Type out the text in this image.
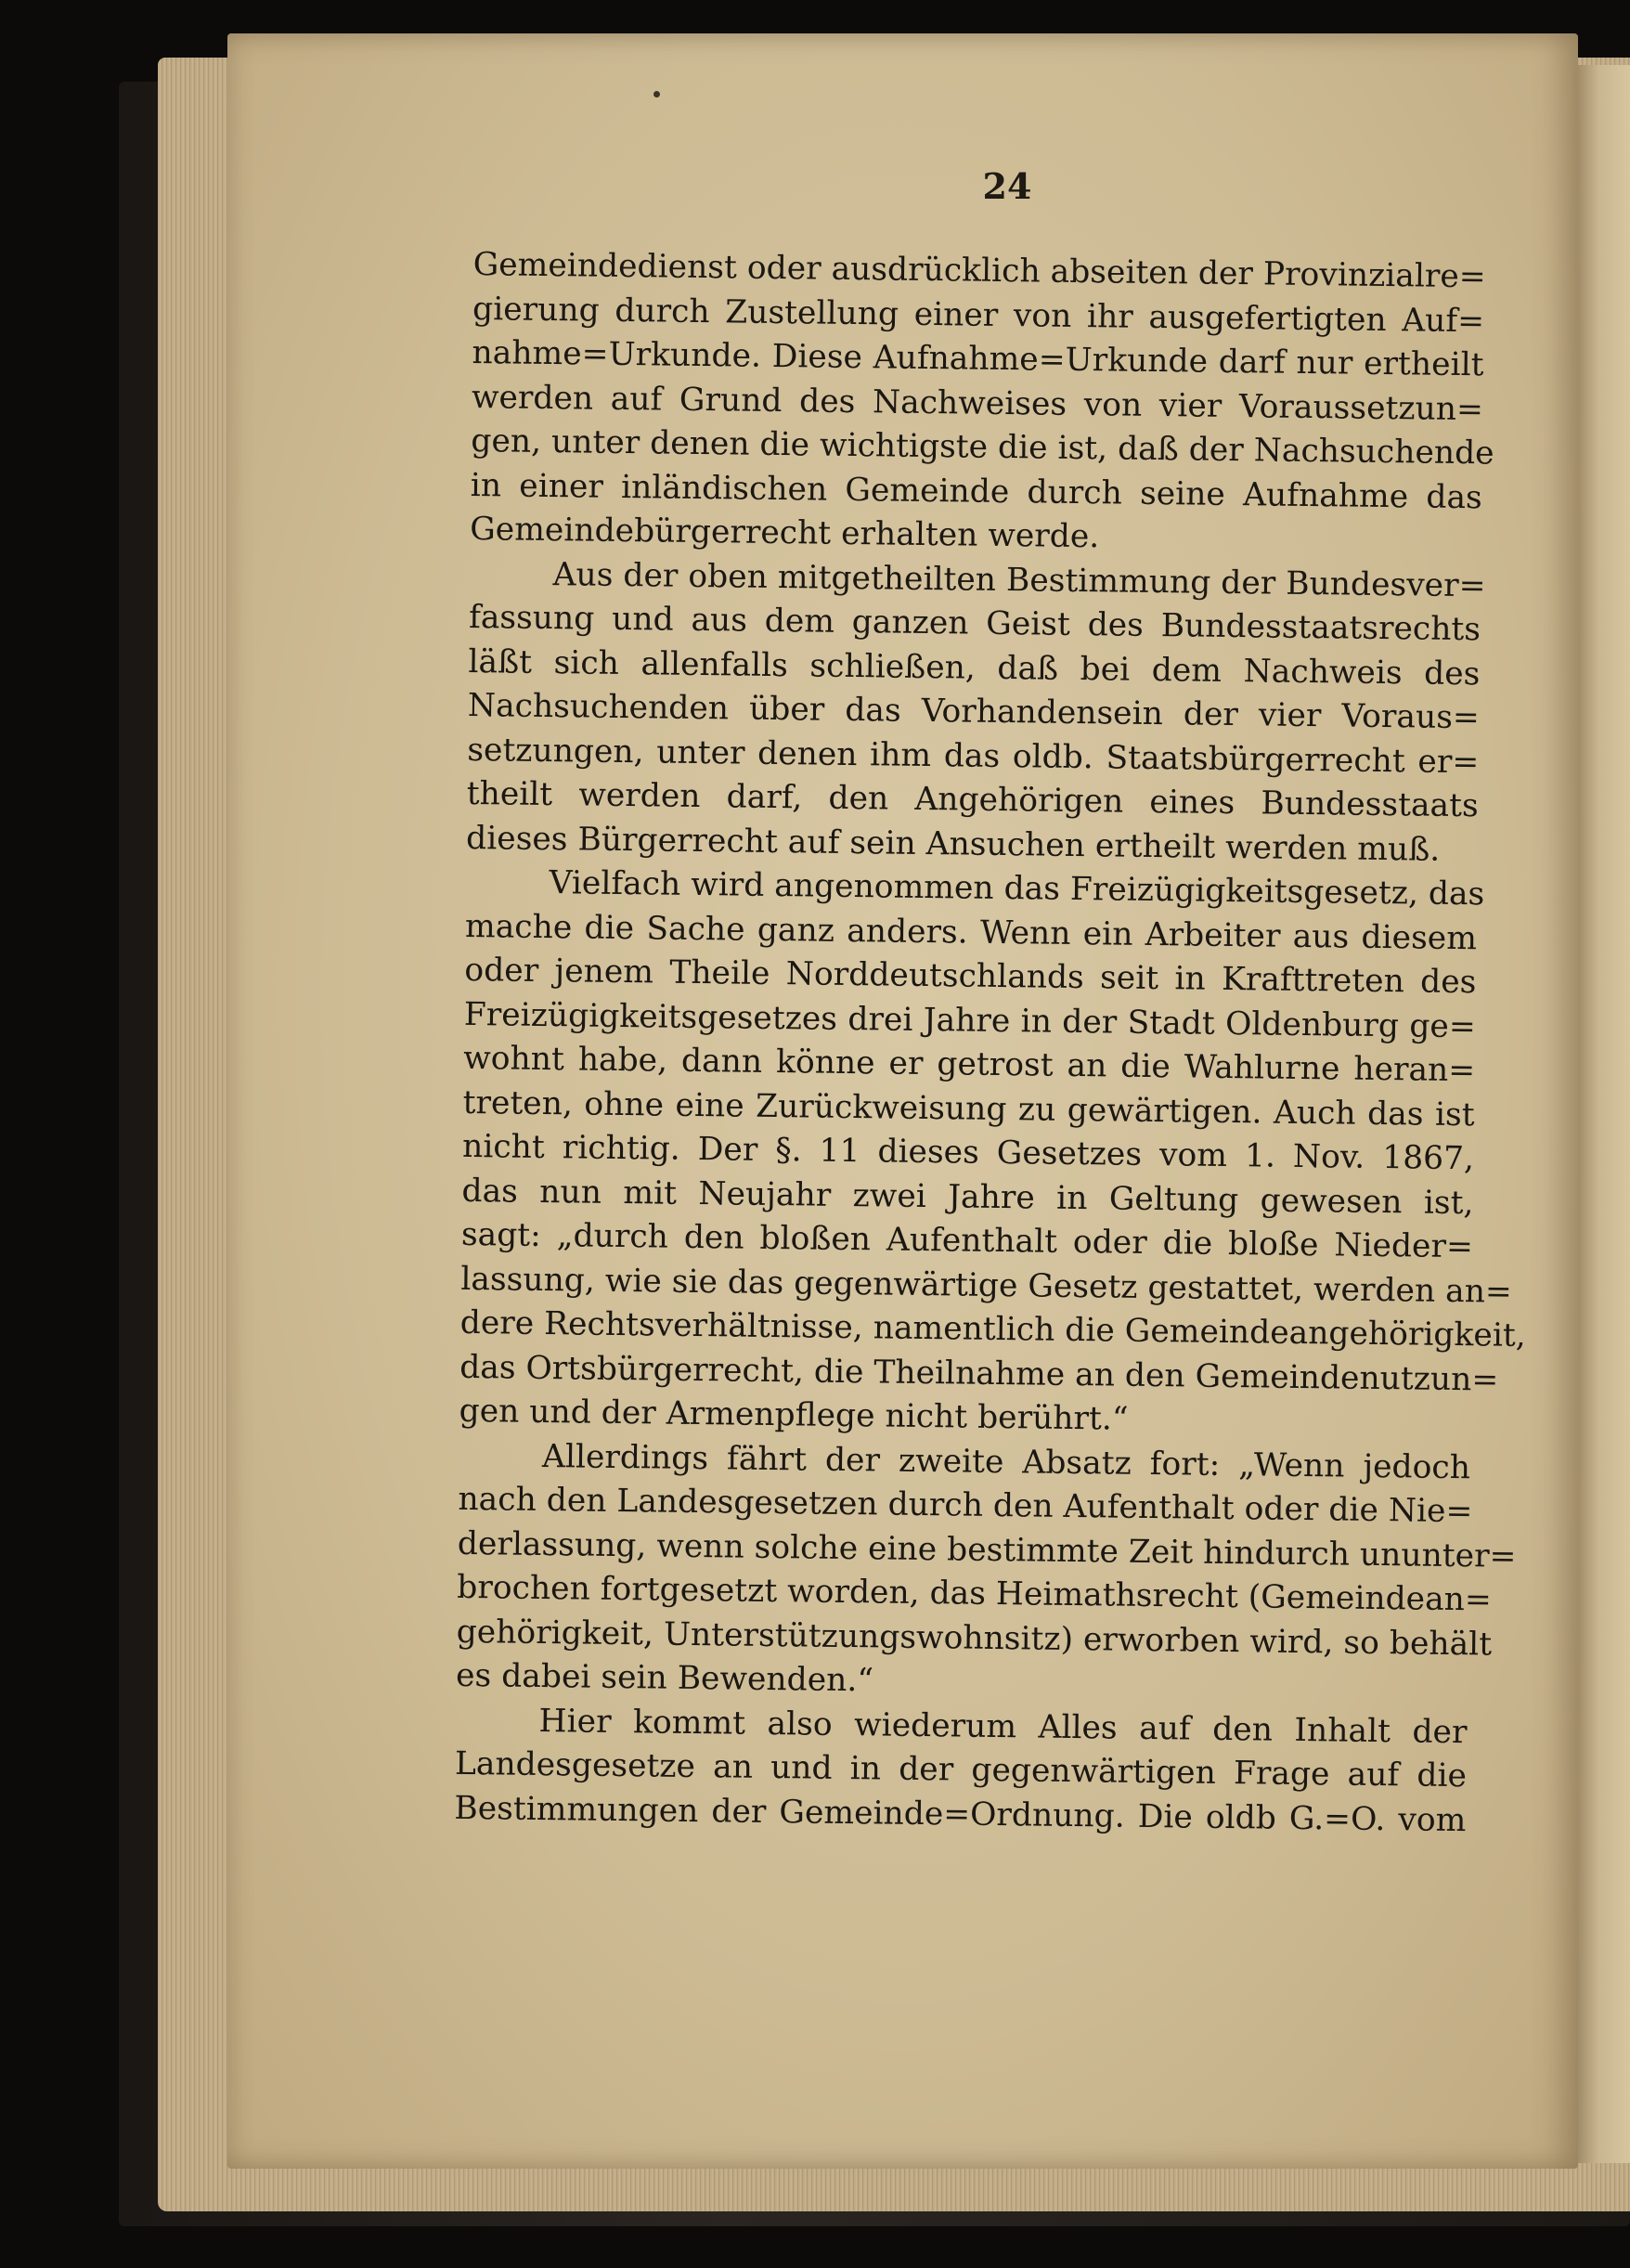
24
Gemeindedienst oder ausdrücklich abseiten der Provinzialre=
gierung durch Zustellung einer von ihr ausgefertigten Auf=
nahme=Urkunde. Diese Aufnahme=Urkunde darf nur ertheilt
werden auf Grund des Nachweises von vier Voraussetzun=
gen, unter denen die wichtigste die ist, daß der Nachsuchende
in einer inländischen Gemeinde durch seine Aufnahme das
Gemeindebürgerrecht erhalten werde.
Aus der oben mitgetheilten Bestimmung der Bundesver=
fassung und aus dem ganzen Geist des Bundesstaatsrechts
läßt sich allenfalls schließen, daß bei dem Nachweis des
Nachsuchenden über das Vorhandensein der vier Voraus=
setzungen, unter denen ihm das oldb. Staatsbürgerrecht er=
theilt werden darf, den Angehörigen eines Bundesstaats
dieses Bürgerrecht auf sein Ansuchen ertheilt werden muß.
Vielfach wird angenommen das Freizügigkeitsgesetz, das
mache die Sache ganz anders. Wenn ein Arbeiter aus diesem
oder jenem Theile Norddeutschlands seit in Krafttreten des
Freizügigkeitsgesetzes drei Jahre in der Stadt Oldenburg ge=
wohnt habe, dann könne er getrost an die Wahlurne heran=
treten, ohne eine Zurückweisung zu gewärtigen. Auch das ist
nicht richtig. Der §. 11 dieses Gesetzes vom 1. Nov. 1867,
das nun mit Neujahr zwei Jahre in Geltung gewesen ist,
sagt: „durch den bloßen Aufenthalt oder die bloße Nieder=
lassung, wie sie das gegenwärtige Gesetz gestattet, werden an=
dere Rechtsverhältnisse, namentlich die Gemeindeangehörigkeit,
das Ortsbürgerrecht, die Theilnahme an den Gemeindenutzun=
gen und der Armenpflege nicht berührt.“
Allerdings fährt der zweite Absatz fort: „Wenn jedoch
nach den Landesgesetzen durch den Aufenthalt oder die Nie=
derlassung, wenn solche eine bestimmte Zeit hindurch ununter=
brochen fortgesetzt worden, das Heimathsrecht (Gemeindean=
gehörigkeit, Unterstützungswohnsitz) erworben wird, so behält
es dabei sein Bewenden.“
Hier kommt also wiederum Alles auf den Inhalt der
Landesgesetze an und in der gegenwärtigen Frage auf die
Bestimmungen der Gemeinde=Ordnung. Die oldb G.=O. vom
